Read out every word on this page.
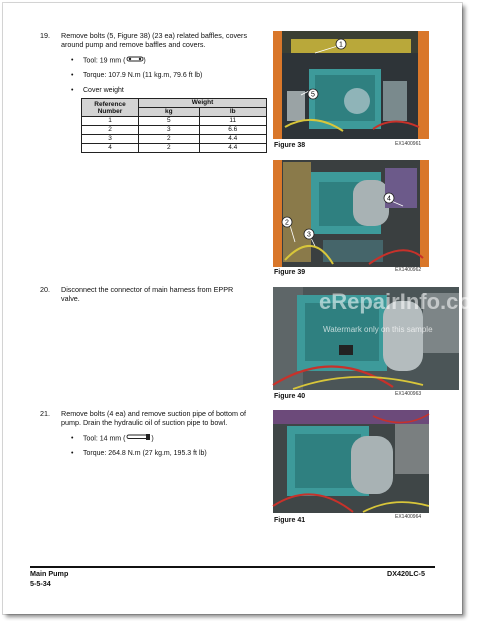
19. Remove bolts (5, Figure 38) (23 ea) related baffles, covers
around pump and remove baffles and covers.
• Tool: 19 mm (	)
• Torque: 107.9 N.m (11 kg.m, 79.6 ft lb)
• Cover weight
Reference
Number	Weight	
	kg	lb
1	5	11
2	3	6.6
3	2	4.4
4	2	4.4
20. Disconnect the connector of main harness from EPPR
valve.
21. Remove bolts (4 ea) and remove suction pipe of bottom of
pump. Drain the hydraulic oil of suction pipe to bowl.
• Tool: 14 mm (	)
• Torque: 264.8 N.m (27 kg.m, 195.3 ft lb)
1
5
Figure 38	EX1400961
4
2
3
Figure 39	EX1400962
eRepairInfo.com
Watermark only on this sample
Figure 40	EX1400963
Figure 41	EX1400964
Main Pump
5-5-34
DX420LC-5
